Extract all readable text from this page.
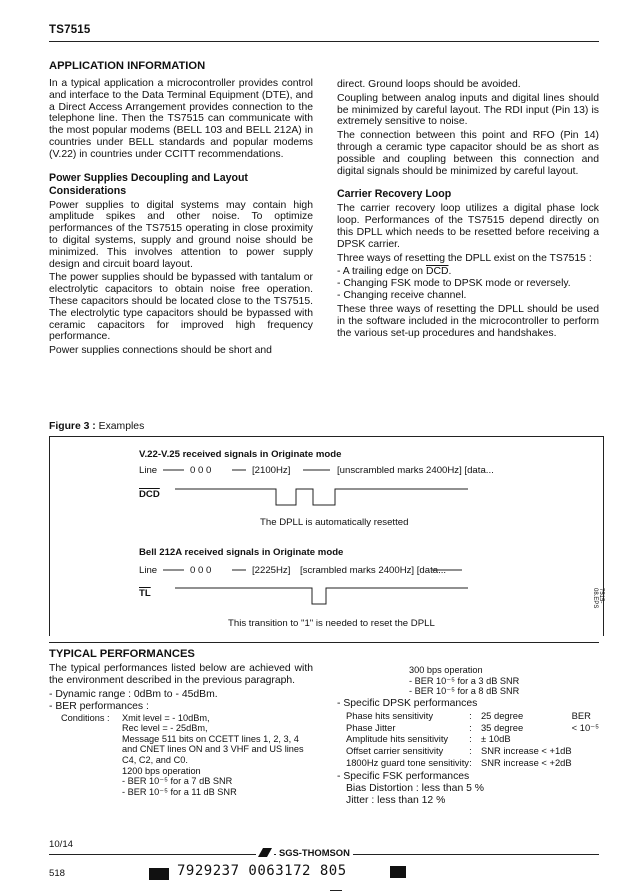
TS7515
APPLICATION INFORMATION

In a typical application a microcontroller provides control and interface to the Data Terminal Equipment (DTE), and a Direct Access Arrangement provides connection to the telephone line. Then the TS7515 can communicate with the most popular modems (BELL 103 and BELL 212A) in countries under BELL standards and popular modems (V.22) in countries under CCITT recommendations.

Power Supplies Decoupling and Layout Considerations

Power supplies to digital systems may contain high amplitude spikes and other noise. To optimize performances of the TS7515 operating in close proximity to digital systems, supply and ground noise should be minimized. This involves attention to power supply design and circuit board layout.

The power supplies should be bypassed with tantalum or electrolytic capacitors to obtain noise free operation. These capacitors should be located close to the TS7515. The electrolytic type capacitors should be bypassed with ceramic capacitors for improved high frequency performance.

Power supplies connections should be short and

direct. Ground loops should be avoided.

Coupling between analog inputs and digital lines should be minimized by careful layout. The RDI input (Pin 13) is extremely sensitive to noise.

The connection between this point and RFO (Pin 14) through a ceramic type capacitor should be as short as possible and coupling between this connection and digital signals should be minimized by careful layout.

Carrier Recovery Loop

The carrier recovery loop utilizes a digital phase lock loop. Performances of the TS7515 depend directly on this DPLL which needs to be resetted before receiving a DPSK carrier.

Three ways of resetting the DPLL exist on the TS7515 :

- A trailing edge on $\overline{DCD}$.
- Changing FSK mode to DPSK mode or reversely.
- Changing receive channel.

These three ways of resetting the DPLL should be used in the software included in the microcontroller to perform the various set-up procedures and handshakes.

Figure 3 : Examples
V.22-V.25 received signals in Originate mode
Line	0 0 0	[2100Hz]	[unscrambled marks 2400Hz] [data...
$\overline{DCD}$
The DPLL is automatically resetted
Bell 212A received signals in Originate mode
Line	0 0 0	[2225Hz] [scrambled marks 2400Hz] [data...
$\overline{TL}$
This transition to "1" is needed to reset the DPLL
7515-08.EPS
TYPICAL PERFORMANCES

The typical performances listed below are achieved with the environment described in the previous paragraph.

- Dynamic range : 0dBm to - 45dBm.
- BER performances :
Conditions : Xmit level = - 10dBm,
Rec level = - 25dBm,
Message 511 bits on CCETT lines 1, 2, 3, 4 and CNET lines ON and 3 VHF and US lines C4, C2, and C0.
1200 bps operation
- BER 10⁻⁵ for a 7 dB SNR
- BER 10⁻⁵ for a 11 dB SNR
300 bps operation
- BER 10⁻⁵ for a 3 dB SNR
- BER 10⁻⁵ for a 8 dB SNR
- Specific DPSK performances
Phase hits sensitivity	:	25 degree	BER
Phase Jitter	:	35 degree	< 10⁻⁵
Amplitude hits sensitivity	:	± 10dB	
Offset carrier sensitivity	:	SNR increase < +1dB	
1800Hz guard tone sensitivity	:	SNR increase < +2dB	
- Specific FSK performances
Bias Distortion : less than 5 %
Jitter : less than 12 %
10/14
SGS-THOMSON
518	7929237 0063172 805
